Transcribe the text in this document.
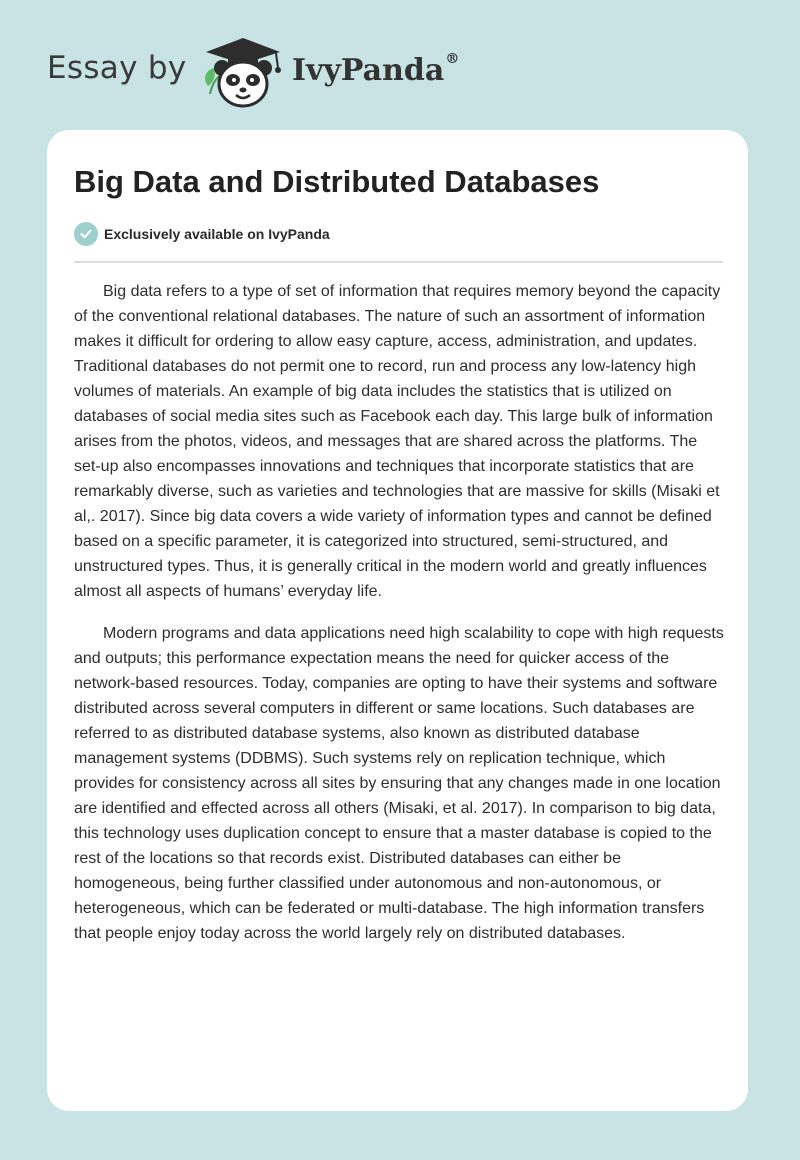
Essay by	IvyPanda®
Big Data and Distributed Databases
Exclusively available on IvyPanda

Big data refers to a type of set of information that requires memory beyond the capacity of the conventional relational databases. The nature of such an assortment of information makes it difficult for ordering to allow easy capture, access, administration, and updates. Traditional databases do not permit one to record, run and process any low-latency high volumes of materials. An example of big data includes the statistics that is utilized on databases of social media sites such as Facebook each day. This large bulk of information arises from the photos, videos, and messages that are shared across the platforms. The set-up also encompasses innovations and techniques that incorporate statistics that are remarkably diverse, such as varieties and technologies that are massive for skills (Misaki et al,. 2017). Since big data covers a wide variety of information types and cannot be defined based on a specific parameter, it is categorized into structured, semi-structured, and unstructured types. Thus, it is generally critical in the modern world and greatly influences almost all aspects of humans’ everyday life.

Modern programs and data applications need high scalability to cope with high requests and outputs; this performance expectation means the need for quicker access of the network-based resources. Today, companies are opting to have their systems and software distributed across several computers in different or same locations. Such databases are referred to as distributed database systems, also known as distributed database management systems (DDBMS). Such systems rely on replication technique, which provides for consistency across all sites by ensuring that any changes made in one location are identified and effected across all others (Misaki, et al. 2017). In comparison to big data, this technology uses duplication concept to ensure that a master database is copied to the rest of the locations so that records exist. Distributed databases can either be homogeneous, being further classified under autonomous and non-autonomous, or heterogeneous, which can be federated or multi-database. The high information transfers that people enjoy today across the world largely rely on distributed databases.
